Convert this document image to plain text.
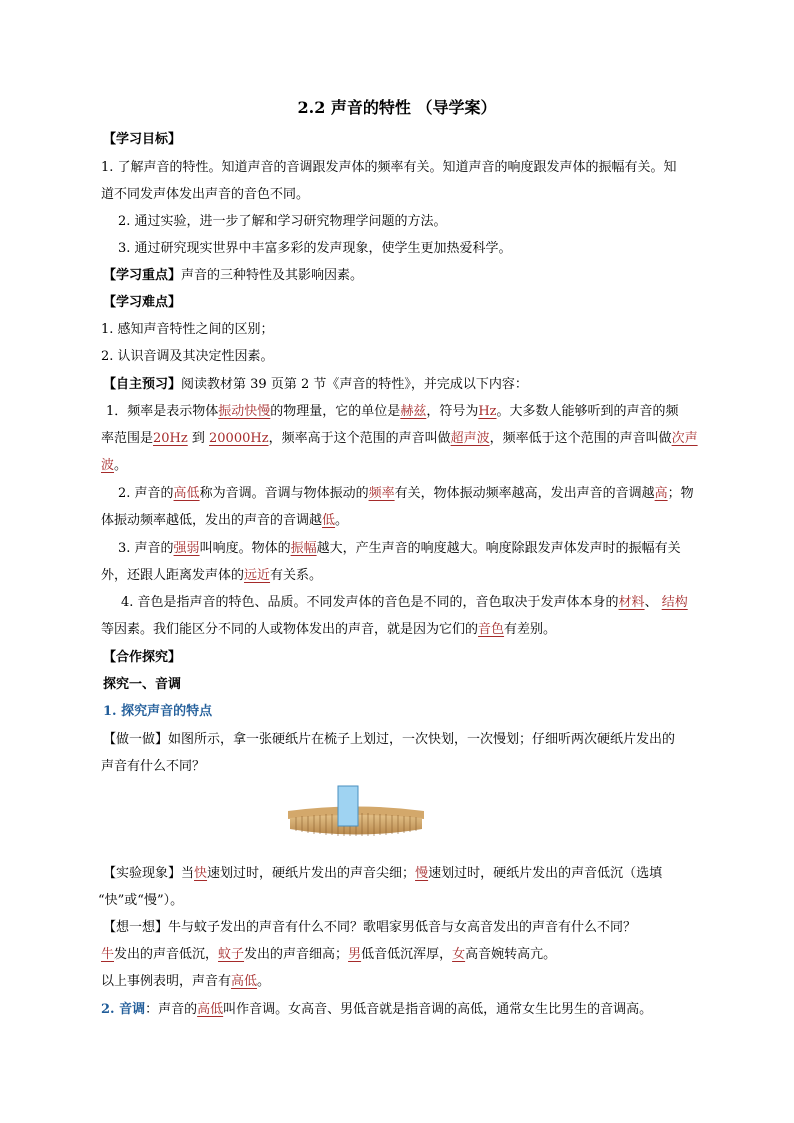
2.2 声音的特性 （导学案）
【学习目标】
1. 了解声音的特性。知道声音的音调跟发声体的频率有关。知道声音的响度跟发声体的振幅有关。知
道不同发声体发出声音的音色不同。
2. 通过实验，进一步了解和学习研究物理学问题的方法。
3. 通过研究现实世界中丰富多彩的发声现象，使学生更加热爱科学。
【学习重点】声音的三种特性及其影响因素。
【学习难点】
1. 感知声音特性之间的区别；
2. 认识音调及其决定性因素。
【自主预习】阅读教材第 39 页第 2 节《声音的特性》，并完成以下内容：
1．频率是表示物体振动快慢的物理量，它的单位是赫兹，符号为Hz。大多数人能够听到的声音的频
率范围是20Hz 到 20000Hz，频率高于这个范围的声音叫做超声波，频率低于这个范围的声音叫做次声
波。
2. 声音的高低称为音调。音调与物体振动的频率有关，物体振动频率越高，发出声音的音调越高；物
体振动频率越低，发出的声音的音调越低。
3. 声音的强弱叫响度。物体的振幅越大，产生声音的响度越大。响度除跟发声体发声时的振幅有关
外，还跟人距离发声体的远近有关系。
4. 音色是指声音的特色、品质。不同发声体的音色是不同的，音色取决于发声体本身的材料、 结构
等因素。我们能区分不同的人或物体发出的声音，就是因为它们的音色有差别。
【合作探究】
探究一、音调
1. 探究声音的特点
【做一做】如图所示，拿一张硬纸片在梳子上划过，一次快划，一次慢划；仔细听两次硬纸片发出的
声音有什么不同？
【实验现象】当快速划过时，硬纸片发出的声音尖细；慢速划过时，硬纸片发出的声音低沉（选填
“快”或“慢”）。
【想一想】牛与蚊子发出的声音有什么不同？歌唱家男低音与女高音发出的声音有什么不同？
牛发出的声音低沉，蚊子发出的声音细高；男低音低沉浑厚，女高音婉转高亢。
以上事例表明，声音有高低。
2. 音调：声音的高低叫作音调。女高音、男低音就是指音调的高低，通常女生比男生的音调高。
